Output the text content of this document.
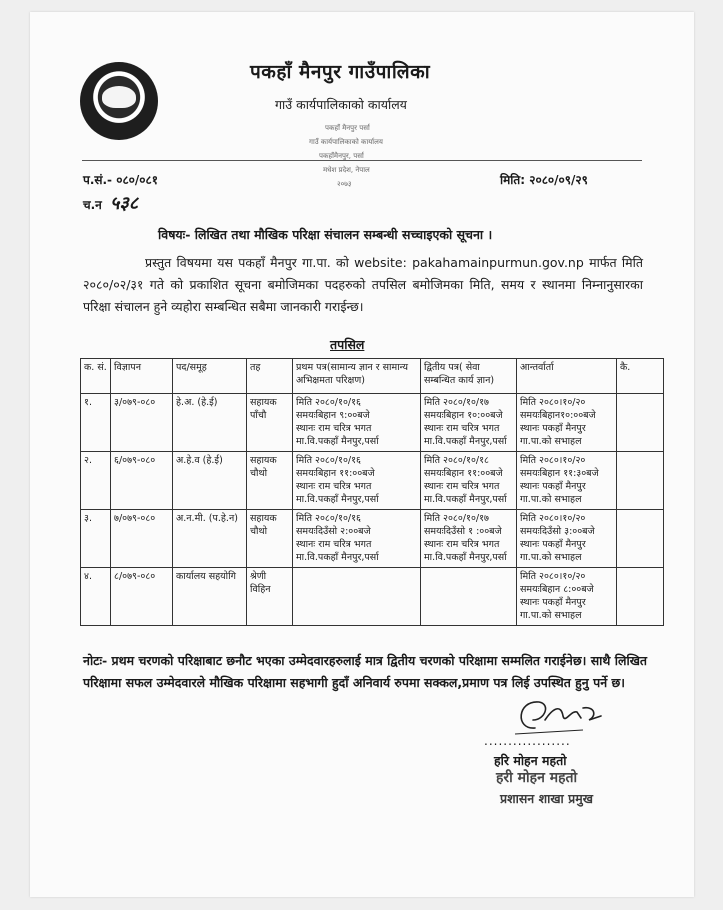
पकहाँ मैनपुर गाउँपालिका
गाउँ कार्यपालिकाको कार्यालय
पकहाँ मैनपुर पर्सा
गाउँ कार्यपालिकाको कार्यालय
पकहाँमैनपुर, पर्सा
मधेश प्रदेश, नेपाल
२०७३
प.सं.- ०८०/०८१
च.न ५३८
मिति: २०८०/०९/२९
विषयः- लिखित तथा मौखिक परिक्षा संचालन सम्बन्धी सच्चाइएको सूचना ।
प्रस्तुत विषयमा यस पकहाँ मैनपुर गा.पा. को website: pakahamainpurmun.gov.np मार्फत मिति २०८०/०२/३१ गते को प्रकाशित सूचना बमोजिमका पदहरुको तपसिल बमोजिमका मिति, समय र स्थानमा निम्नानुसारका परिक्षा संचालन हुने व्यहोरा सम्बन्धित सबैमा जानकारी गराईन्छ।
तपसिल
क. सं.	विज्ञापन	पद/समूह	तह	प्रथम पत्र(सामान्य ज्ञान र सामान्य अभिक्षमता परिक्षण)	द्वितीय पत्र( सेवा सम्बन्धित कार्य ज्ञान)	आन्तर्वार्ता	कै.
१.	३/०७९-०८०	हे.अ. (हे.ई)	सहायक पाँचौ	मिति २०८०/१०/१६
समयःबिहान ९:००बजे
स्थानः राम चरित्र भगत
मा.वि.पकहाँ मैनपुर,पर्सा	मिति २०८०/१०/१७
समयःबिहान १०:००बजे
स्थानः राम चरित्र भगत
मा.वि.पकहाँ मैनपुर,पर्सा	मिति २०८०।१०/२०
समयःबिहान१०:००बजे
स्थानः पकहाँ मैनपुर
गा.पा.को सभाहल	
२.	६/०७९-०८०	अ.हे.व (हे.ई)	सहायक चौथो	मिति २०८०/१०/१६
समयःबिहान ११:००बजे
स्थानः राम चरित्र भगत
मा.वि.पकहाँ मैनपुर,पर्सा	मिति २०८०/१०/१८
समयःबिहान ११:००बजे
स्थानः राम चरित्र भगत
मा.वि.पकहाँ मैनपुर,पर्सा	मिति २०८०।१०/२०
समयःबिहान ११:३०बजे
स्थानः पकहाँ मैनपुर
गा.पा.को सभाहल	
३.	७/०७९-०८०	अ.न.मी. (प.हे.न)	सहायक चौथो	मिति २०८०/१०/१६
समयःदिउँसो २:००बजे
स्थानः राम चरित्र भगत
मा.वि.पकहाँ मैनपुर,पर्सा	मिति २०८०/१०/१७
समयःदिउँसो १ :००बजे
स्थानः राम चरित्र भगत
मा.वि.पकहाँ मैनपुर,पर्सा	मिति २०८०।१०/२०
समयःदिउँसो ३:००बजे
स्थानः पकहाँ मैनपुर
गा.पा.को सभाहल	
४.	८/०७९-०८०	कार्यालय सहयोगि	श्रेणी विहिन			मिति २०८०।१०/२०
समयःबिहान ८:००बजे
स्थानः पकहाँ मैनपुर
गा.पा.को सभाहल	
नोटः- प्रथम चरणको परिक्षाबाट छनौट भएका उम्मेदवारहरुलाई मात्र द्वितीय चरणको परिक्षामा सम्मलित गराईनेछ। साथै लिखित परिक्षामा सफल उम्मेदवारले मौखिक परिक्षामा सहभागी हुदाँ अनिवार्य रुपमा सक्कल,प्रमाण पत्र लिई उपस्थित हुनु पर्ने छ।
..................
हरि मोहन महतो
हरी मोहन महतो
प्रशासन शाखा प्रमुख
